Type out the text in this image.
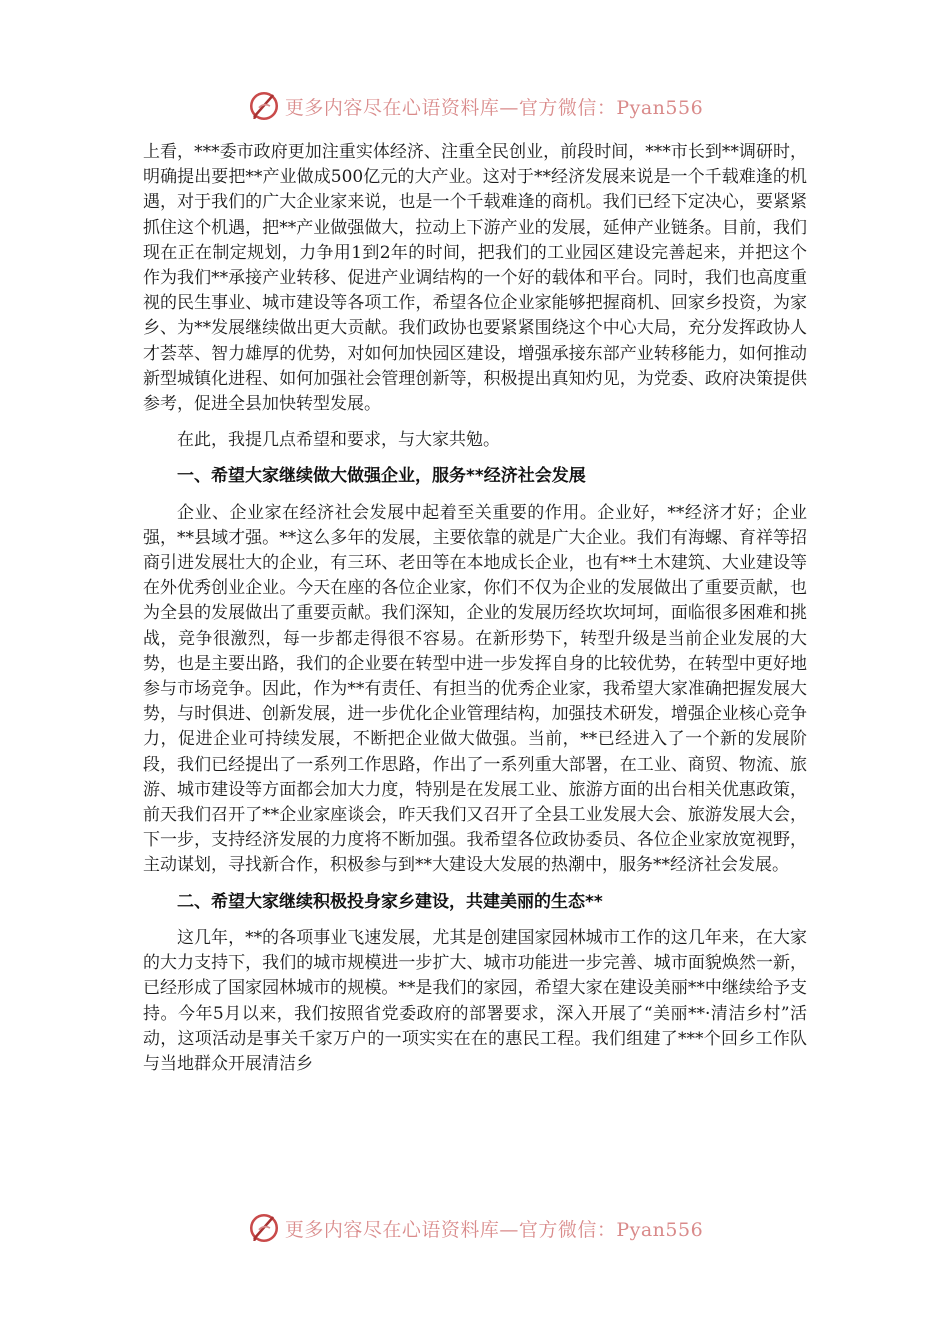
更多内容尽在心语资料库—官方微信：Pyan556

上看，***委市政府更加注重实体经济、注重全民创业，前段时间，***市长到**调研时，明确提出要把**产业做成500亿元的大产业。这对于**经济发展来说是一个千载难逢的机遇，对于我们的广大企业家来说，也是一个千载难逢的商机。我们已经下定决心，要紧紧抓住这个机遇，把**产业做强做大，拉动上下游产业的发展，延伸产业链条。目前，我们现在正在制定规划，力争用1到2年的时间，把我们的工业园区建设完善起来，并把这个作为我们**承接产业转移、促进产业调结构的一个好的载体和平台。同时，我们也高度重视的民生事业、城市建设等各项工作，希望各位企业家能够把握商机、回家乡投资，为家乡、为**发展继续做出更大贡献。我们政协也要紧紧围绕这个中心大局，充分发挥政协人才荟萃、智力雄厚的优势，对如何加快园区建设，增强承接东部产业转移能力，如何推动新型城镇化进程、如何加强社会管理创新等，积极提出真知灼见，为党委、政府决策提供参考，促进全县加快转型发展。

在此，我提几点希望和要求，与大家共勉。

一、希望大家继续做大做强企业，服务**经济社会发展

企业、企业家在经济社会发展中起着至关重要的作用。企业好，**经济才好；企业强，**县域才强。**这么多年的发展，主要依靠的就是广大企业。我们有海螺、育祥等招商引进发展壮大的企业，有三环、老田等在本地成长企业，也有**土木建筑、大业建设等在外优秀创业企业。今天在座的各位企业家，你们不仅为企业的发展做出了重要贡献，也为全县的发展做出了重要贡献。我们深知，企业的发展历经坎坎坷坷，面临很多困难和挑战，竞争很激烈，每一步都走得很不容易。在新形势下，转型升级是当前企业发展的大势，也是主要出路，我们的企业要在转型中进一步发挥自身的比较优势，在转型中更好地参与市场竞争。因此，作为**有责任、有担当的优秀企业家，我希望大家准确把握发展大势，与时俱进、创新发展，进一步优化企业管理结构，加强技术研发，增强企业核心竞争力，促进企业可持续发展，不断把企业做大做强。当前，**已经进入了一个新的发展阶段，我们已经提出了一系列工作思路，作出了一系列重大部署，在工业、商贸、物流、旅游、城市建设等方面都会加大力度，特别是在发展工业、旅游方面的出台相关优惠政策，前天我们召开了**企业家座谈会，昨天我们又召开了全县工业发展大会、旅游发展大会，下一步，支持经济发展的力度将不断加强。我希望各位政协委员、各位企业家放宽视野，主动谋划，寻找新合作，积极参与到**大建设大发展的热潮中，服务**经济社会发展。

二、希望大家继续积极投身家乡建设，共建美丽的生态**

这几年，**的各项事业飞速发展，尤其是创建国家园林城市工作的这几年来，在大家的大力支持下，我们的城市规模进一步扩大、城市功能进一步完善、城市面貌焕然一新，已经形成了国家园林城市的规模。**是我们的家园，希望大家在建设美丽**中继续给予支持。今年5月以来，我们按照省党委政府的部署要求，深入开展了“美丽**·清洁乡村”活动，这项活动是事关千家万户的一项实实在在的惠民工程。我们组建了***个回乡工作队与当地群众开展清洁乡

更多内容尽在心语资料库—官方微信：Pyan556
